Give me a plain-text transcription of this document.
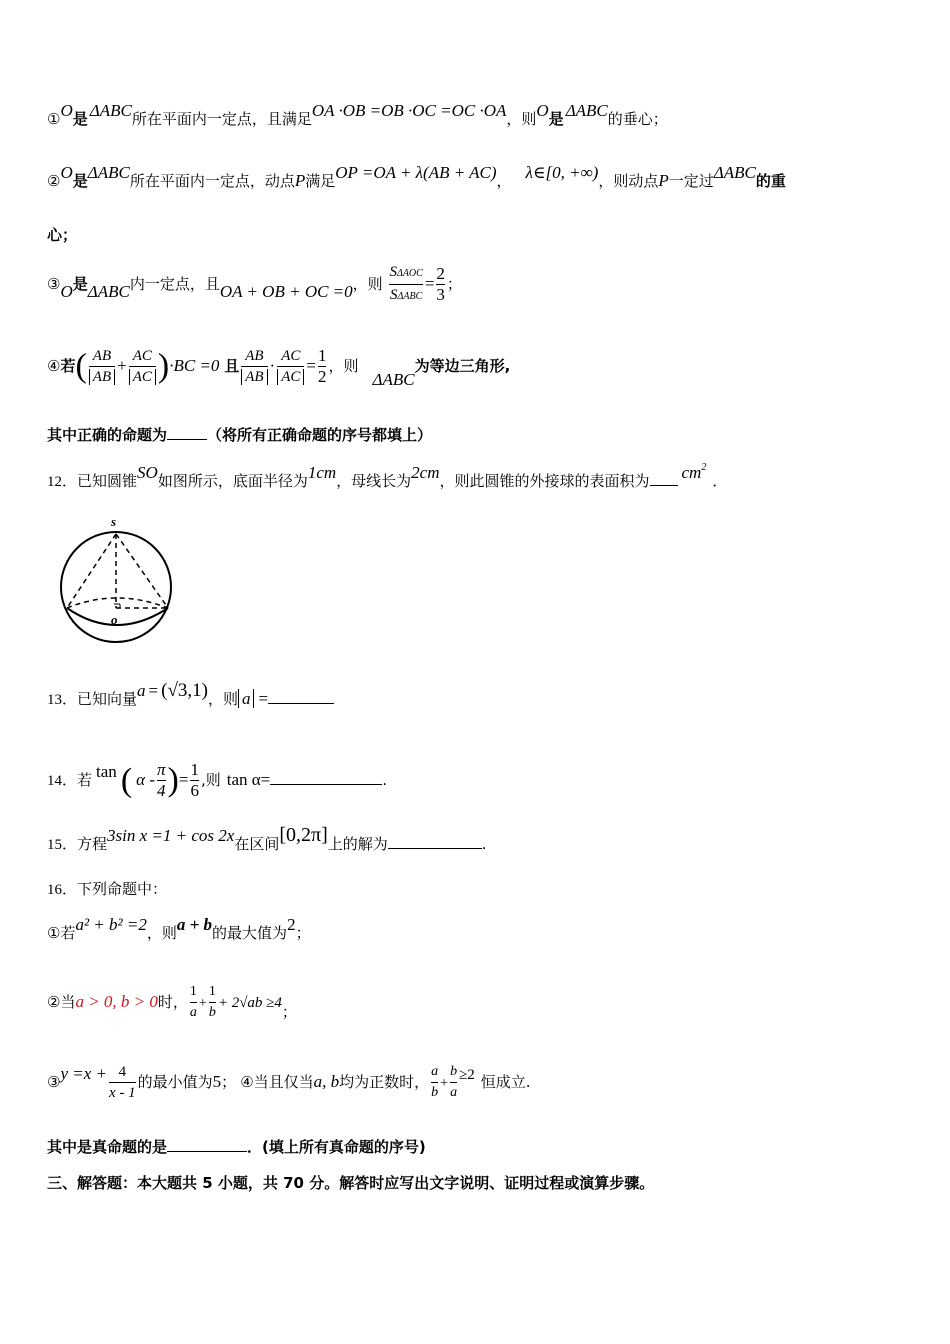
①O是 ΔABC所在平面内一定点，且满足OA ·OB =OB ·OC =OC ·OA，则O是 ΔABC的垂心；
②O是ΔABC所在平面内一定点，动点P满足OP =OA + λ(AB + AC)， λ∈[0, +∞)，则动点P一定过ΔABC的重
心；
③O是ΔABC内一定点，且OA + OB + OC =0，则 $\frac{\text{SΔAOC}}{\text{SΔABC}} = \frac{2}{3}$ ；
④若( $\frac{AB}{AB} + \frac{AC}{AC} )\cdot BC =0$ 且 $\frac{AB}{AB} \cdot \frac{AC}{AC} = \frac{1}{2}$ ，则ΔABC为等边三角形,
其中正确的命题为	（将所有正确命题的序号都填上）
12．已知圆锥SO如图所示，底面半径为1cm，母线长为2cm，则此圆锥的外接球的表面积为 $cm^2$．
s
o
13．已知向量a = (√3,1)，则 a =
14．若 tan ( α - $\frac{\pi}{4}$ )= $\frac{1}{6}$ ,则 tan α=	.
15．方程3sin x =1 + cos 2x在区间[0,2π]上的解为	.
16．下列命题中：
①若a² + b² =2，则a + b的最大值为2；
②当a > 0, b > 0时， $\frac{1}{a} + \frac{1}{b} + 2√ab \ge 4$；
③y $=x + \frac{4}{x - 1}$ 的最小值为5； ④当且仅当a, b均为正数时， $\frac{a}{b} + \frac{b}{a} \ge 2$ 恒成立.
其中是真命题的是	．(填上所有真命题的序号)
三、解答题：本大题共 5 小题，共 70 分。解答时应写出文字说明、证明过程或演算步骤。
